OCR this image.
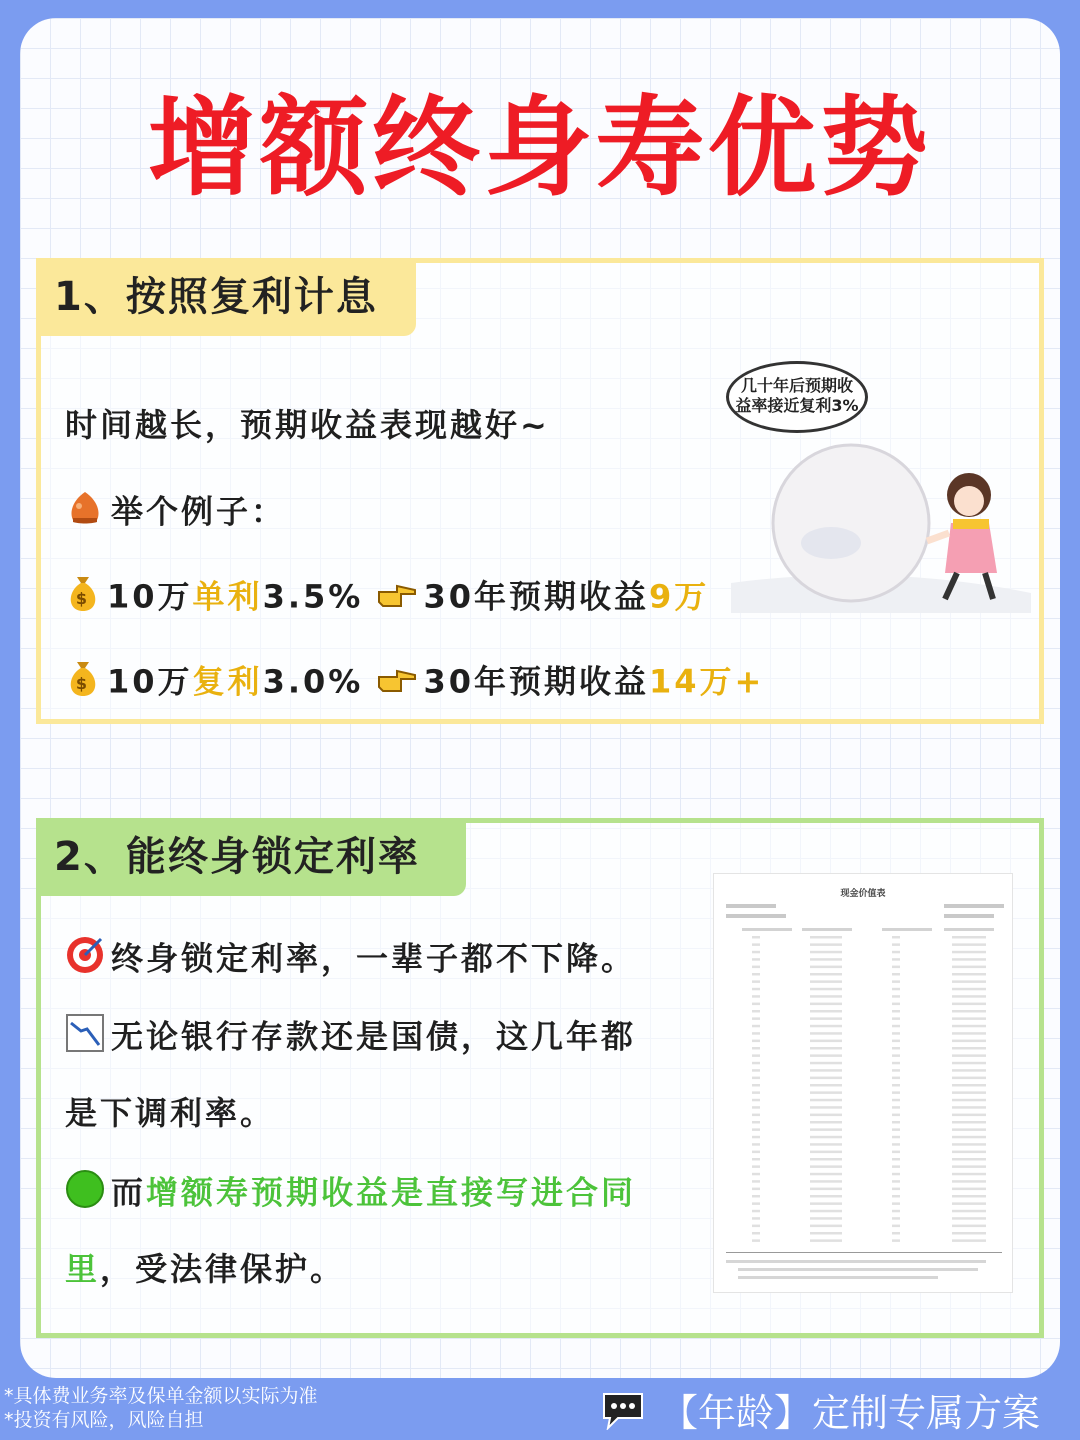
增额终身寿优势
1、按照复利计息
时间越长，预期收益表现越好~
举个例子：
$ 10万单利3.5% 30年预期收益9万
$ 10万复利3.0% 30年预期收益14万+
几十年后预期收
益率接近复利3%
2、能终身锁定利率
终身锁定利率，一辈子都不下降。
无论银行存款还是国债，这几年都
是下调利率。
而增额寿预期收益是直接写进合同
里，受法律保护。
现金价值表
*具体费业务率及保单金额以实际为准
*投资有风险，风险自担	【年龄】定制专属方案
